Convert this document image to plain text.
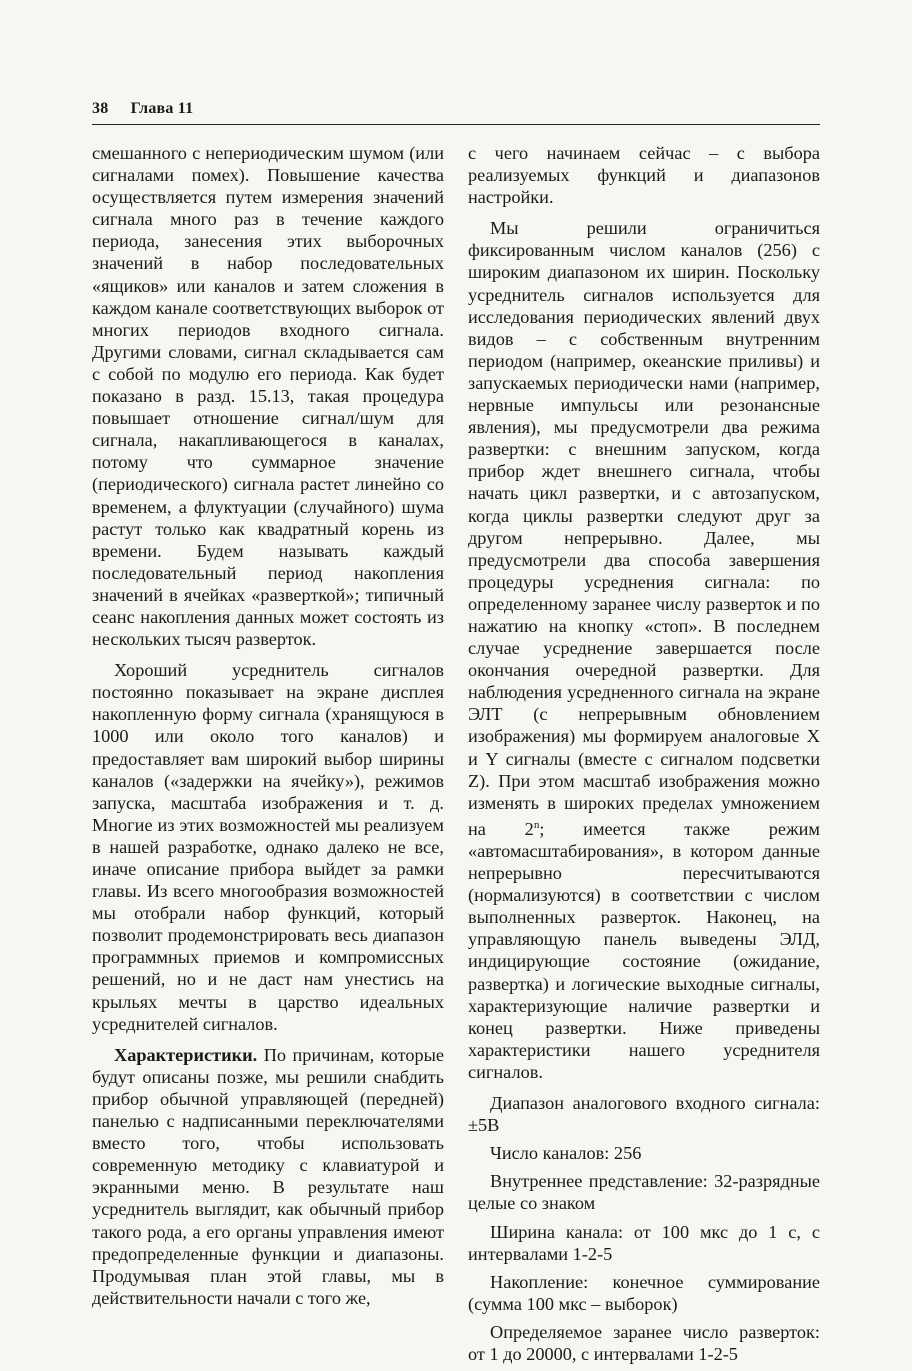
38 Глава 11

смешанного с непериодическим шумом (или сигналами помех). Повышение качества осуществляется путем измерения значений сигнала много раз в течение каждого периода, занесения этих выборочных значений в набор последовательных «ящиков» или каналов и затем сложения в каждом канале соответствующих выборок от многих периодов входного сигнала. Другими словами, сигнал складывается сам с собой по модулю его периода. Как будет показано в разд. 15.13, такая процедура повышает отношение сигнал/шум для сигнала, накапливающегося в каналах, потому что суммарное значение (периодического) сигнала растет линейно со временем, а флуктуации (случайного) шума растут только как квадратный корень из времени. Будем называть каждый последовательный период накопления значений в ячейках «разверткой»; типичный сеанс накопления данных может состоять из нескольких тысяч разверток.

Хороший усреднитель сигналов постоянно показывает на экране дисплея накопленную форму сигнала (хранящуюся в 1000 или около того каналов) и предоставляет вам широкий выбор ширины каналов («задержки на ячейку»), режимов запуска, масштаба изображения и т. д. Многие из этих возможностей мы реализуем в нашей разработке, однако далеко не все, иначе описание прибора выйдет за рамки главы. Из всего многообразия возможностей мы отобрали набор функций, который позволит продемонстрировать весь диапазон программных приемов и компромиссных решений, но и не даст нам унестись на крыльях мечты в царство идеальных усреднителей сигналов.

Характеристики. По причинам, которые будут описаны позже, мы решили снабдить прибор обычной управляющей (передней) панелью с надписанными переключателями вместо того, чтобы использовать современную методику с клавиатурой и экранными меню. В результате наш усреднитель выглядит, как обычный прибор такого рода, а его органы управления имеют предопределенные функции и диапазоны. Продумывая план этой главы, мы в действительности начали с того же,

с чего начинаем сейчас – с выбора реализуемых функций и диапазонов настройки.

Мы решили ограничиться фиксированным числом каналов (256) с широким диапазоном их ширин. Поскольку усреднитель сигналов используется для исследования периодических явлений двух видов – с собственным внутренним периодом (например, океанские приливы) и запускаемых периодически нами (например, нервные импульсы или резонансные явления), мы предусмотрели два режима развертки: с внешним запуском, когда прибор ждет внешнего сигнала, чтобы начать цикл развертки, и с автозапуском, когда циклы развертки следуют друг за другом непрерывно. Далее, мы предусмотрели два способа завершения процедуры усреднения сигнала: по определенному заранее числу разверток и по нажатию на кнопку «стоп». В последнем случае усреднение завершается после окончания очередной развертки. Для наблюдения усредненного сигнала на экране ЭЛТ (с непрерывным обновлением изображения) мы формируем аналоговые X и Y сигналы (вместе с сигналом подсветки Z). При этом масштаб изображения можно изменять в широких пределах умножением на 2$^n$; имеется также режим «автомасштабирования», в котором данные непрерывно пересчитываются (нормализуются) в соответствии с числом выполненных разверток. Наконец, на управляющую панель выведены ЭЛД, индицирующие состояние (ожидание, развертка) и логические выходные сигналы, характеризующие наличие развертки и конец развертки. Ниже приведены характеристики нашего усреднителя сигналов.

Диапазон аналогового входного сигнала: ±5В

Число каналов: 256

Внутреннее представление: 32-разрядные целые со знаком

Ширина канала: от 100 мкс до 1 с, с интервалами 1-2-5

Накопление: конечное суммирование (сумма 100 мкс – выборок)

Определяемое заранее число разверток: от 1 до 20000, с интервалами 1-2-5
